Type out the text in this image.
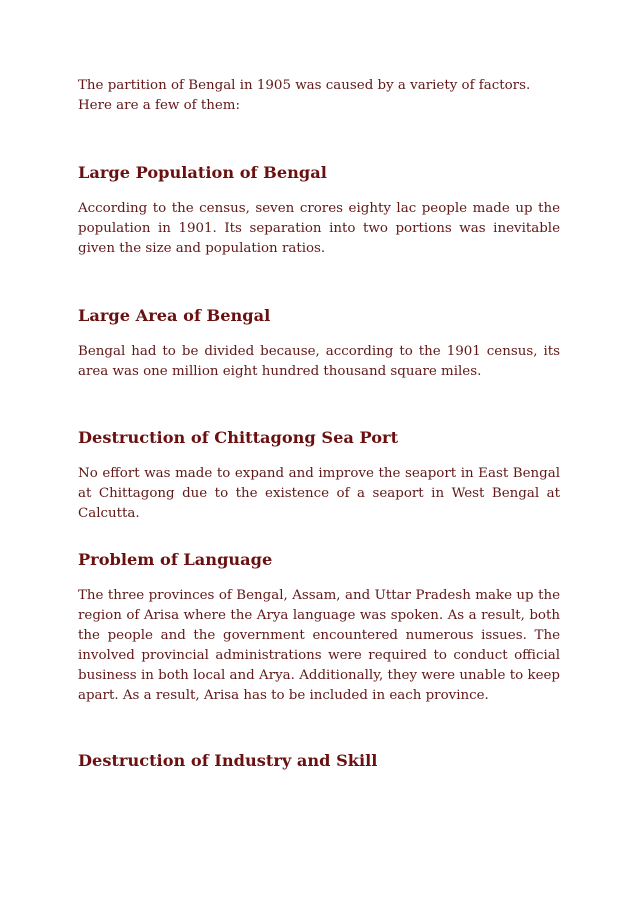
The partition of Bengal in 1905 was caused by a variety of factors. Here are a few of them:

Large Population of Bengal

According to the census, seven crores eighty lac people made up the population in 1901. Its separation into two portions was inevitable given the size and population ratios.

Large Area of Bengal

Bengal had to be divided because, according to the 1901 census, its area was one million eight hundred thousand square miles.

Destruction of Chittagong Sea Port

No effort was made to expand and improve the seaport in East Bengal at Chittagong due to the existence of a seaport in West Bengal at Calcutta.

Problem of Language

The three provinces of Bengal, Assam, and Uttar Pradesh make up the region of Arisa where the Arya language was spoken. As a result, both the people and the government encountered numerous issues. The involved provincial administrations were required to conduct official business in both local and Arya. Additionally, they were unable to keep apart. As a result, Arisa has to be included in each province.

Destruction of Industry and Skill
